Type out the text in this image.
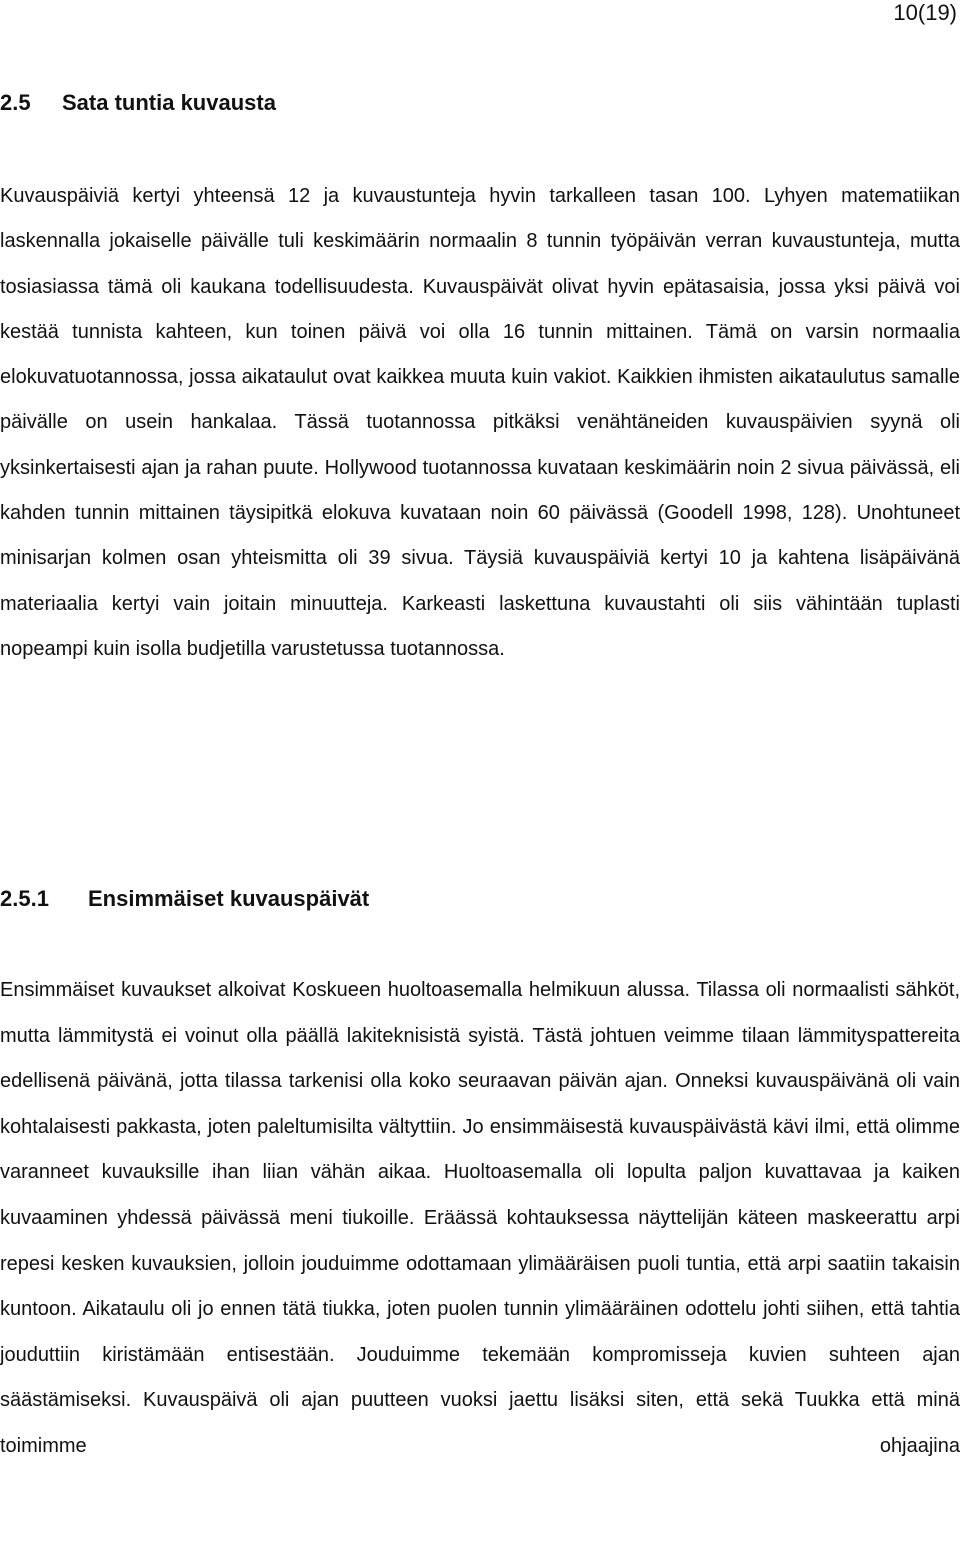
10(19)
2.5 Sata tuntia kuvausta

Kuvauspäiviä kertyi yhteensä 12 ja kuvaustunteja hyvin tarkalleen tasan 100. Lyhyen matematiikan laskennalla jokaiselle päivälle tuli keskimäärin normaalin 8 tunnin työpäivän verran kuvaustunteja, mutta tosiasiassa tämä oli kaukana todellisuudesta. Kuvauspäivät olivat hyvin epätasaisia, jossa yksi päivä voi kestää tunnista kahteen, kun toinen päivä voi olla 16 tunnin mittainen. Tämä on varsin normaalia elokuvatuotannossa, jossa aikataulut ovat kaikkea muuta kuin vakiot. Kaikkien ihmisten aikataulutus samalle päivälle on usein hankalaa. Tässä tuotannossa pitkäksi venähtäneiden kuvauspäivien syynä oli yksinkertaisesti ajan ja rahan puute. Hollywood tuotannossa kuvataan keskimäärin noin 2 sivua päivässä, eli kahden tunnin mittainen täysipitkä elokuva kuvataan noin 60 päivässä (Goodell 1998, 128). Unohtuneet minisarjan kolmen osan yhteismitta oli 39 sivua. Täysiä kuvauspäiviä kertyi 10 ja kahtena lisäpäivänä materiaalia kertyi vain joitain minuutteja. Karkeasti laskettuna kuvaustahti oli siis vähintään tuplasti nopeampi kuin isolla budjetilla varustetussa tuotannossa.

2.5.1 Ensimmäiset kuvauspäivät

Ensimmäiset kuvaukset alkoivat Koskueen huoltoasemalla helmikuun alussa. Tilassa oli normaalisti sähköt, mutta lämmitystä ei voinut olla päällä lakiteknisistä syistä. Tästä johtuen veimme tilaan lämmityspattereita edellisenä päivänä, jotta tilassa tarkenisi olla koko seuraavan päivän ajan. Onneksi kuvauspäivänä oli vain kohtalaisesti pakkasta, joten paleltumisilta vältyttiin. Jo ensimmäisestä kuvauspäivästä kävi ilmi, että olimme varanneet kuvauksille ihan liian vähän aikaa. Huoltoasemalla oli lopulta paljon kuvattavaa ja kaiken kuvaaminen yhdessä päivässä meni tiukoille. Eräässä kohtauksessa näyttelijän käteen maskeerattu arpi repesi kesken kuvauksien, jolloin jouduimme odottamaan ylimääräisen puoli tuntia, että arpi saatiin takaisin kuntoon. Aikataulu oli jo ennen tätä tiukka, joten puolen tunnin ylimääräinen odottelu johti siihen, että tahtia jouduttiin kiristämään entisestään. Jouduimme tekemään kompromisseja kuvien suhteen ajan säästämiseksi. Kuvauspäivä oli ajan puutteen vuoksi jaettu lisäksi siten, että sekä Tuukka että minä toimimme ohjaajina
